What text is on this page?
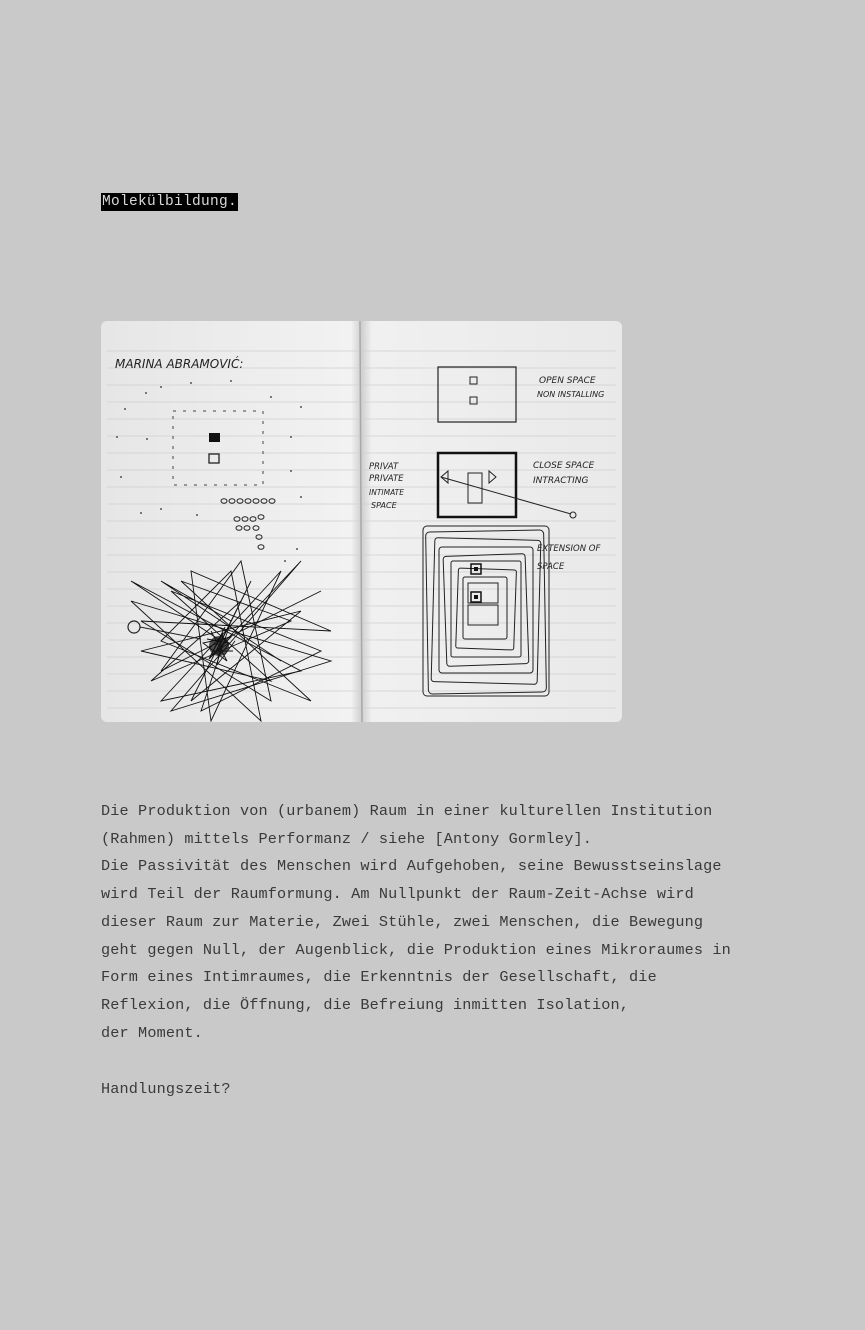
Molekülbildung.
MARINA ABRAMOVIĆ:
OPEN SPACE
NON INSTALLING
CLOSE SPACE
INTRACTING
PRIVAT
PRIVATE
INTIMATE
SPACE
EXTENSION OF
SPACE
Die Produktion von (urbanem) Raum in einer kulturellen Institution
(Rahmen) mittels Performanz / siehe [Antony Gormley].
Die Passivität des Menschen wird Aufgehoben, seine Bewusstseinslage
wird Teil der Raumformung. Am Nullpunkt der Raum-Zeit-Achse wird
dieser Raum zur Materie, Zwei Stühle, zwei Menschen, die Bewegung
geht gegen Null, der Augenblick, die Produktion eines Mikroraumes in
Form eines Intimraumes, die Erkenntnis der Gesellschaft, die
Reflexion, die Öffnung, die Befreiung inmitten Isolation,
der Moment.
Handlungszeit?
